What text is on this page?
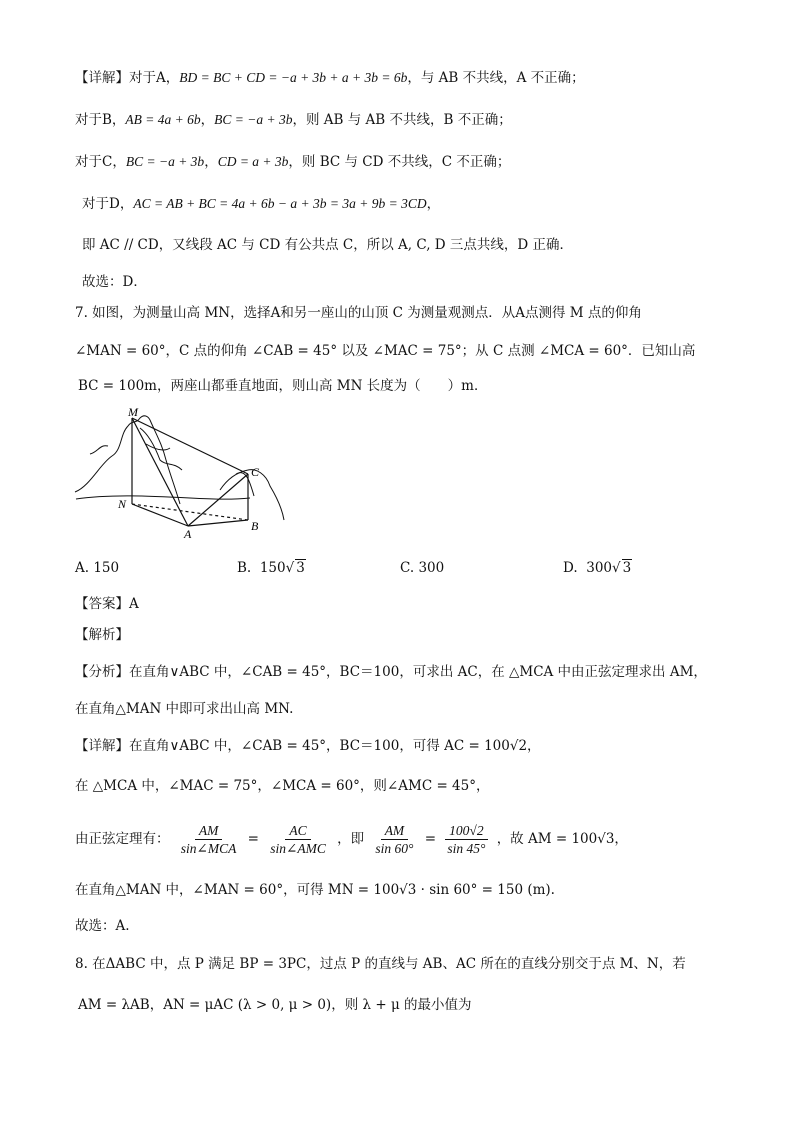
【详解】对于A，BD = BC + CD = −a + 3b + a + 3b = 6b，与 AB 不共线，A 不正确；
对于B，AB = 4a + 6b，BC = −a + 3b，则 AB 与 AB 不共线，B 不正确；
对于C，BC = −a + 3b，CD = a + 3b，则 BC 与 CD 不共线，C 不正确；
对于D，AC = AB + BC = 4a + 6b − a + 3b = 3a + 9b = 3CD，
即 AC // CD，又线段 AC 与 CD 有公共点 C，所以 A, C, D 三点共线，D 正确．
故选：D．
7. 如图，为测量山高 MN，选择A和另一座山的山顶 C 为测量观测点．从A点测得 M 点的仰角
∠MAN = 60°，C 点的仰角 ∠CAB = 45° 以及 ∠MAC = 75°；从 C 点测 ∠MCA = 60°．已知山高
BC = 100m，两座山都垂直地面，则山高 MN 长度为（　　）m．
M
N
A
B
C
A. 150	B. 150√ 3	C. 300	D. 300√ 3
【答案】A
【解析】
【分析】在直角∨ABC 中，∠CAB = 45°，BC＝100，可求出 AC，在 △MCA 中由正弦定理求出 AM，
在直角△MAN 中即可求出山高 MN.
【详解】在直角∨ABC 中，∠CAB = 45°，BC＝100，可得 AC = 100√2，
在 △MCA 中，∠MAC = 75°，∠MCA = 60°，则∠AMC = 45°，
由正弦定理有： $\frac{AM}{\text{sin∠MCA}} = \frac{AC}{\text{sin∠AMC}}$ ，即 $\frac{AM}{\sin 60^\circ} = \frac{100√2}{\sin 45^\circ}$ ，故 AM = 100√3，
在直角△MAN 中，∠MAN = 60°，可得 MN = 100√3 · sin 60° = 150 (m).
故选：A.
8. 在ΔABC 中，点 P 满足 BP = 3PC，过点 P 的直线与 AB、AC 所在的直线分别交于点 M、N，若
AM = λAB，AN = μAC (λ > 0, μ > 0)，则 λ + μ 的最小值为
